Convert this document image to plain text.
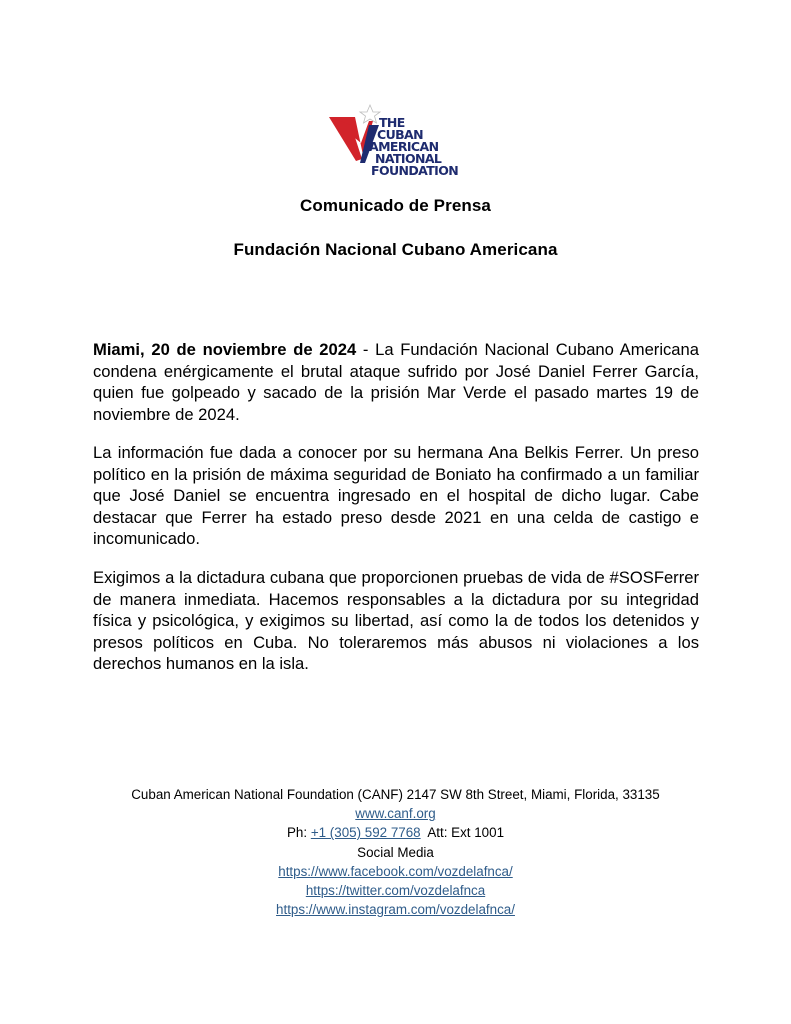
THE
CUBAN
AMERICAN
NATIONAL
FOUNDATION
Comunicado de Prensa
Fundación Nacional Cubano Americana
Miami, 20 de noviembre de 2024 - La Fundación Nacional Cubano Americana condena enérgicamente el brutal ataque sufrido por José Daniel Ferrer García, quien fue golpeado y sacado de la prisión Mar Verde el pasado martes 19 de noviembre de 2024.
La información fue dada a conocer por su hermana Ana Belkis Ferrer. Un preso político en la prisión de máxima seguridad de Boniato ha confirmado a un familiar que José Daniel se encuentra ingresado en el hospital de dicho lugar. Cabe destacar que Ferrer ha estado preso desde 2021 en una celda de castigo e incomunicado.
Exigimos a la dictadura cubana que proporcionen pruebas de vida de #SOSFerrer de manera inmediata. Hacemos responsables a la dictadura por su integridad física y psicológica, y exigimos su libertad, así como la de todos los detenidos y presos políticos en Cuba. No toleraremos más abusos ni violaciones a los derechos humanos en la isla.
Cuban American National Foundation (CANF) 2147 SW 8th Street, Miami, Florida, 33135
www.canf.org
Ph: +1 (305) 592 7768  Att: Ext 1001
Social Media
https://www.facebook.com/vozdelafnca/
https://twitter.com/vozdelafnca
https://www.instagram.com/vozdelafnca/
